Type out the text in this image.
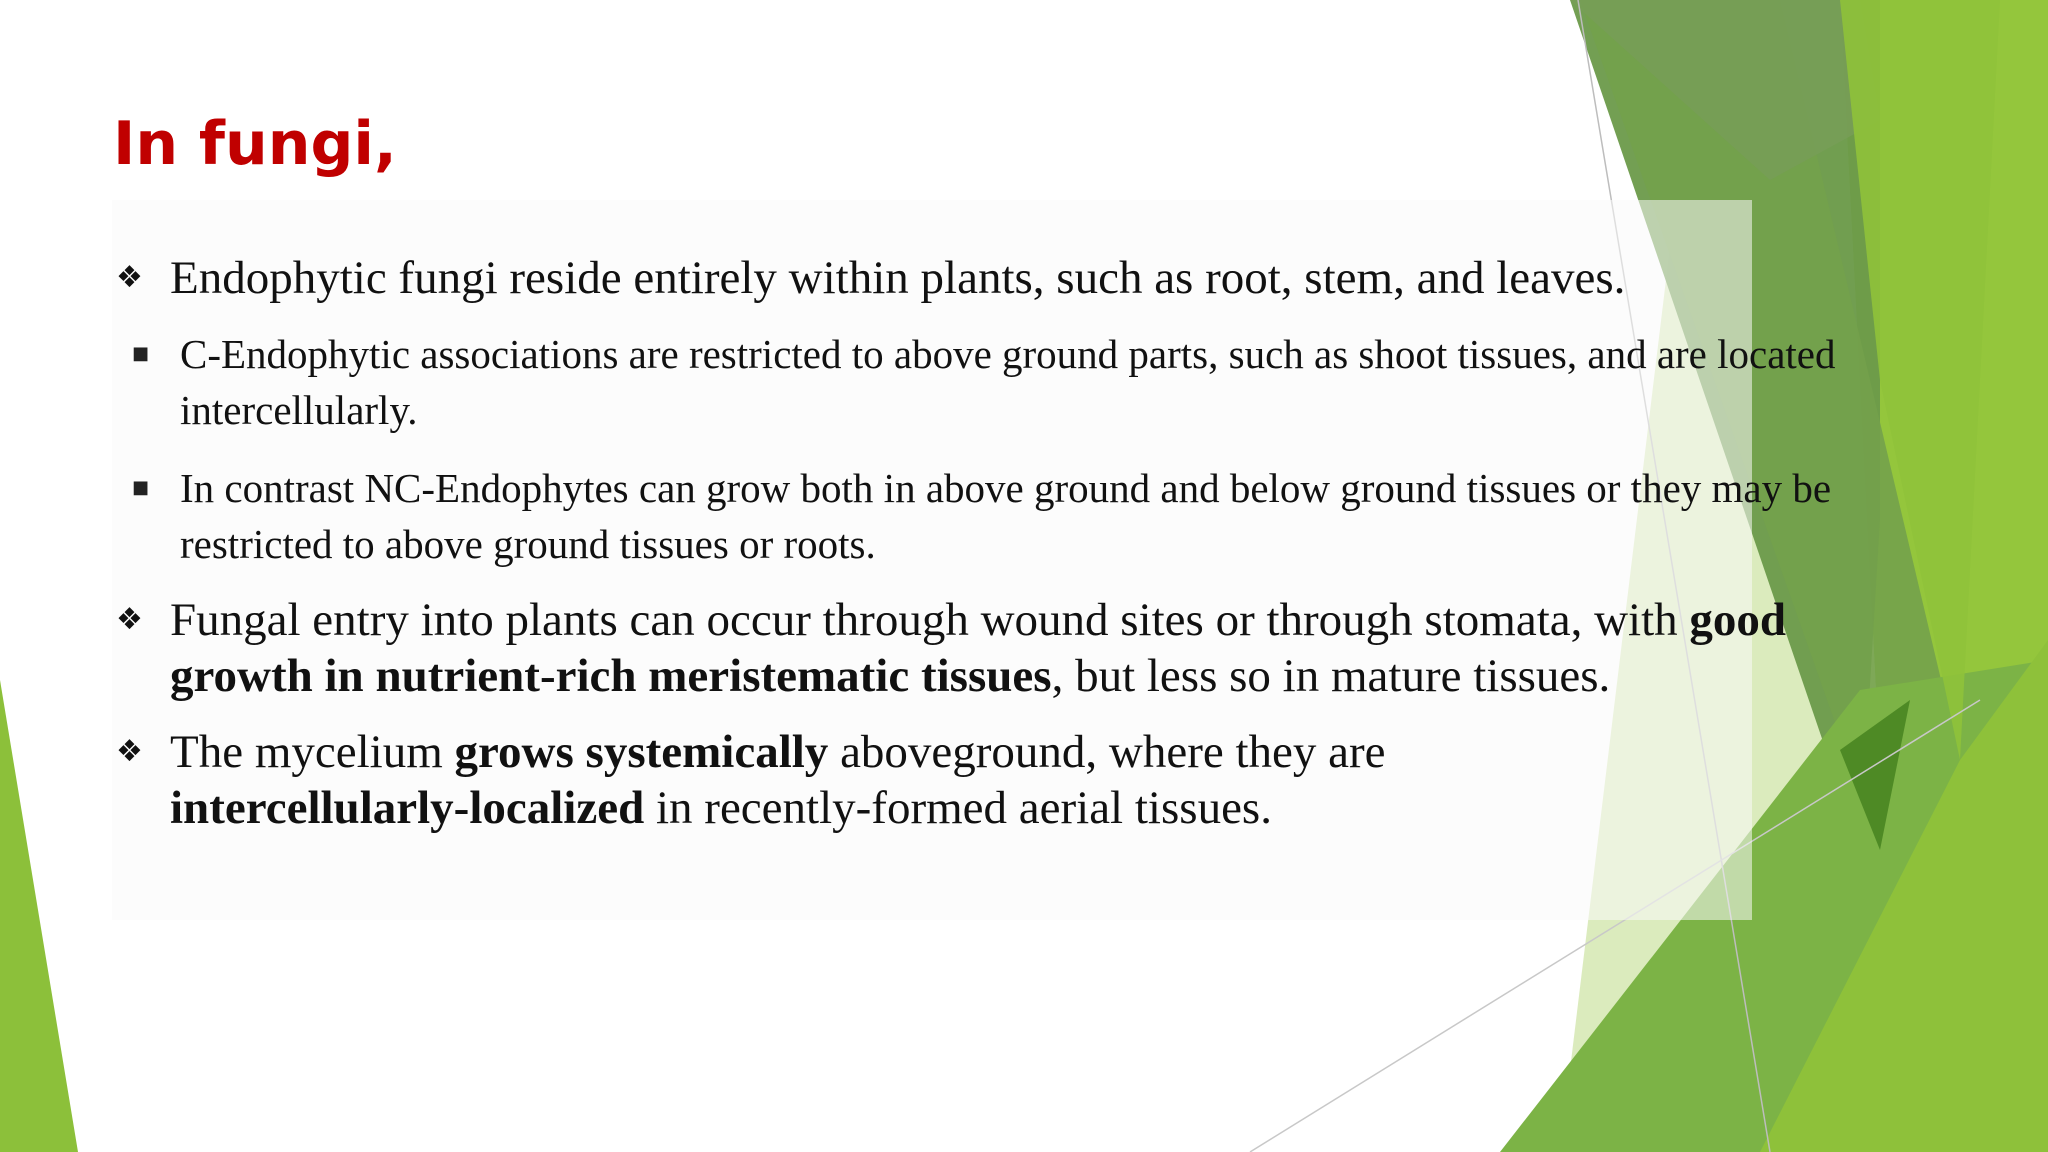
In fungi,
❖ Endophytic fungi reside entirely within plants, such as root, stem, and leaves.
■ C-Endophytic associations are restricted to above ground parts, such as shoot tissues, and are located intercellularly.
■ In contrast NC-Endophytes can grow both in above ground and below ground tissues or they may be restricted to above ground tissues or roots.
❖ Fungal entry into plants can occur through wound sites or through stomata, with good growth in nutrient-rich meristematic tissues, but less so in mature tissues.
❖ The mycelium grows systemically aboveground, where they are intercellularly-localized in recently-formed aerial tissues.
